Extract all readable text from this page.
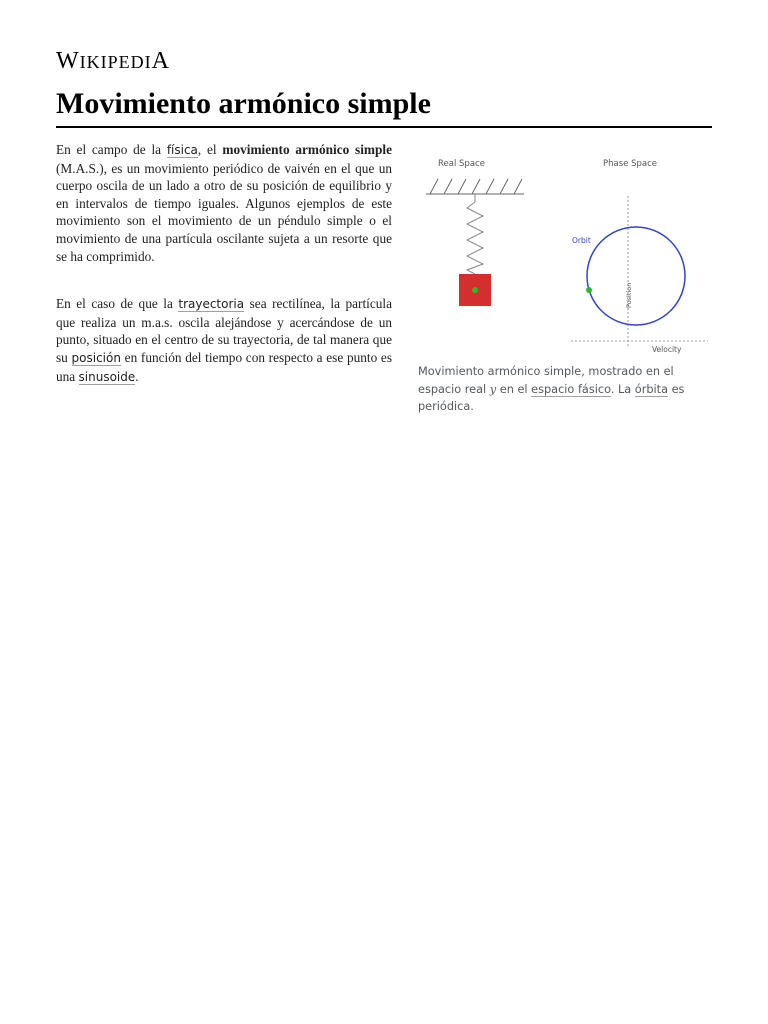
WIKIPEDIA
Movimiento armónico simple

En el campo de la física, el movimiento armónico simple (M.A.S.), es un movimiento periódico de vaivén en el que un cuerpo oscila de un lado a otro de su posición de equilibrio y en intervalos de tiempo iguales. Algunos ejemplos de este movimiento son el movimiento de un péndulo simple o el movimiento de una partícula oscilante sujeta a un resorte que se ha comprimido.

En el caso de que la trayectoria sea rectilínea, la partícula que realiza un m.a.s. oscila alejándose y acercándose de un punto, situado en el centro de su trayectoria, de tal manera que su posición en función del tiempo con respecto a ese punto es una sinusoide.

Real Space	Phase Space
Orbit
Position
Velocity
Movimiento armónico simple, mostrado en el espacio real y en el espacio fásico. La órbita es periódica.
